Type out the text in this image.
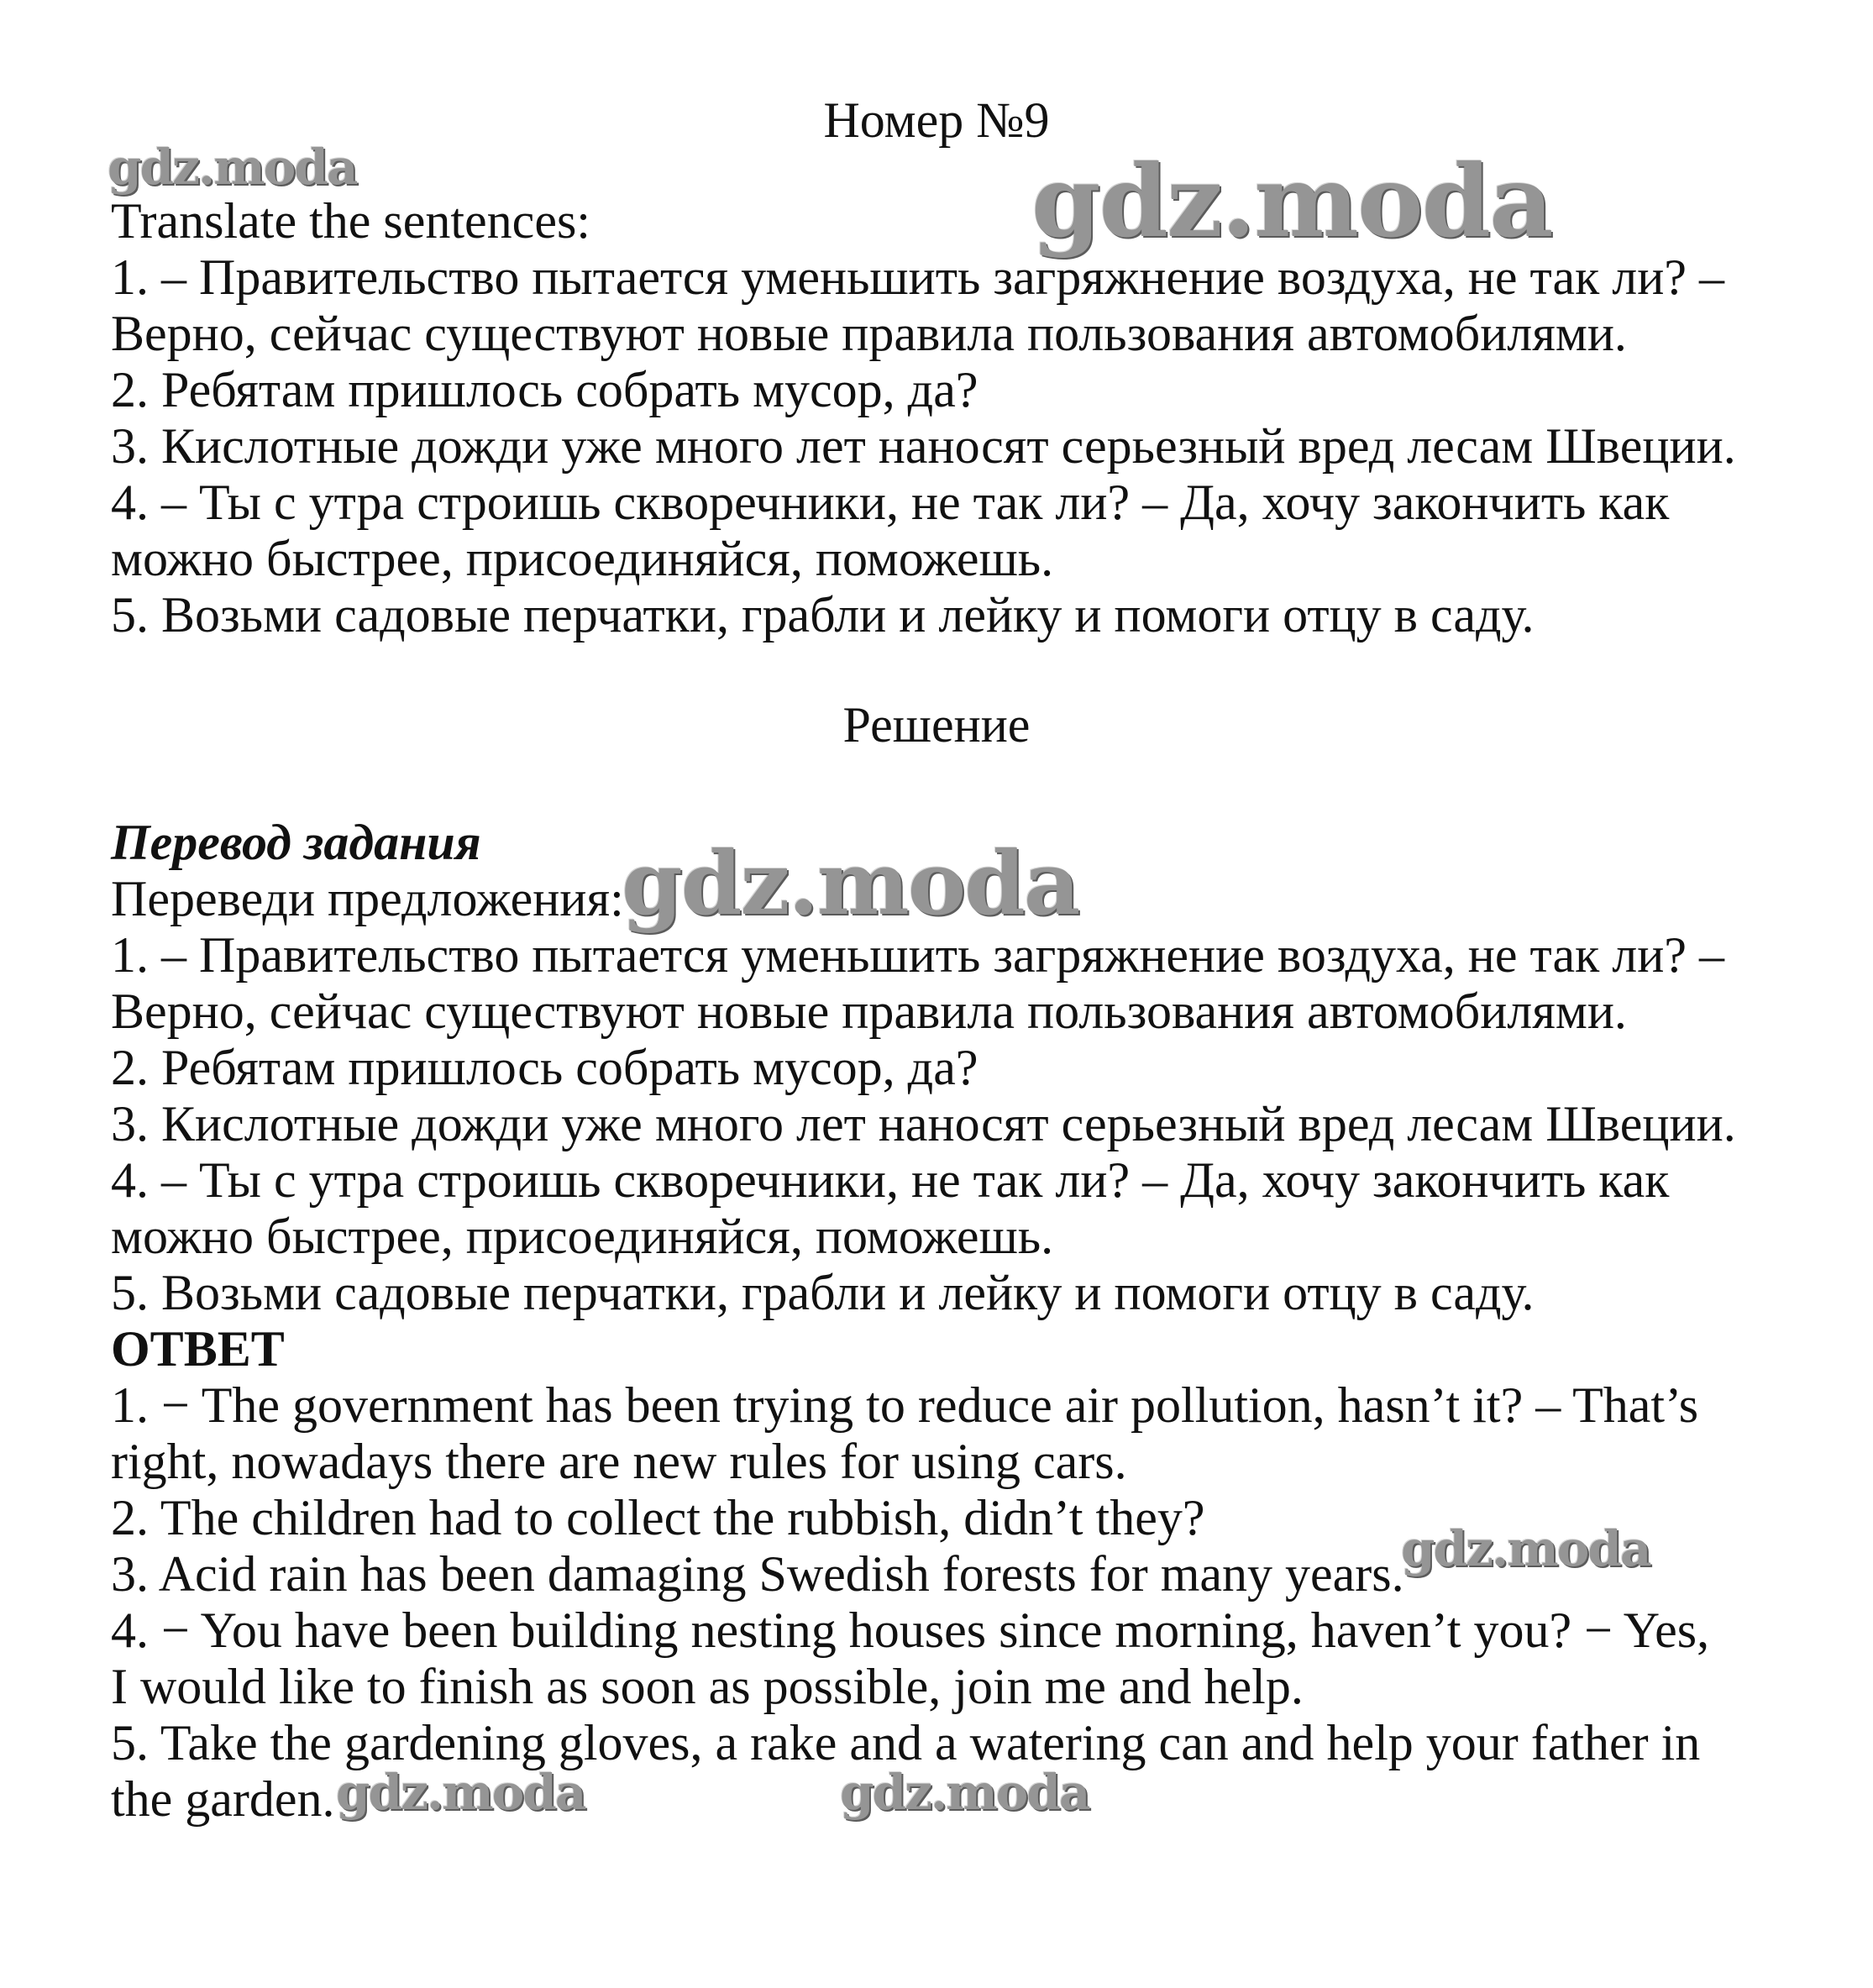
Номер №9
Translate the sentences:
1. – Правительство пытается уменьшить загряжнение воздуха, не так ли? –
Верно, сейчас существуют новые правила пользования автомобилями.
2. Ребятам пришлось собрать мусор, да?
3. Кислотные дожди уже много лет наносят серьезный вред лесам Швеции.
4. – Ты с утра строишь скворечники, не так ли? – Да, хочу закончить как
можно быстрее, присоединяйся, поможешь.
5. Возьми садовые перчатки, грабли и лейку и помоги отцу в саду.
Решение
Перевод задания
Переведи предложения:
1. – Правительство пытается уменьшить загряжнение воздуха, не так ли? –
Верно, сейчас существуют новые правила пользования автомобилями.
2. Ребятам пришлось собрать мусор, да?
3. Кислотные дожди уже много лет наносят серьезный вред лесам Швеции.
4. – Ты с утра строишь скворечники, не так ли? – Да, хочу закончить как
можно быстрее, присоединяйся, поможешь.
5. Возьми садовые перчатки, грабли и лейку и помоги отцу в саду.
ОТВЕТ
1. − The government has been trying to reduce air pollution, hasn’t it? – That’s
right, nowadays there are new rules for using cars.
2. The children had to collect the rubbish, didn’t they?
3. Acid rain has been damaging Swedish forests for many years.
4. − You have been building nesting houses since morning, haven’t you? − Yes,
I would like to finish as soon as possible, join me and help.
5. Take the gardening gloves, a rake and a watering can and help your father in
the garden.
gdz.moda	gdz.moda
gdz.moda
gdz.moda
gdz.moda	gdz.moda
